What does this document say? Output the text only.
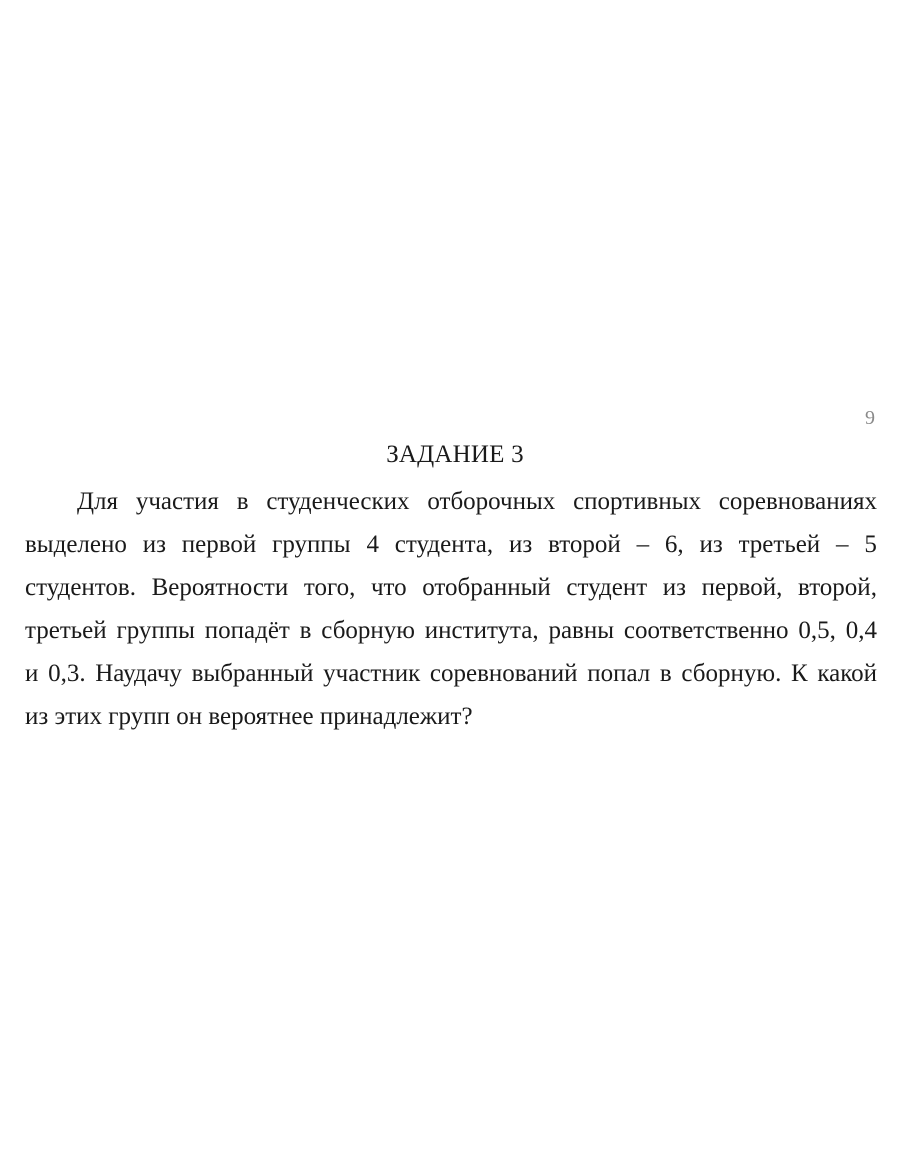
9
ЗАДАНИЕ 3
Для участия в студенческих отборочных спортивных соревнованиях
выделено из первой группы 4 студента, из второй – 6, из третьей – 5
студентов. Вероятности того, что отобранный студент из первой, второй,
третьей группы попадёт в сборную института, равны соответственно 0,5, 0,4
и 0,3. Наудачу выбранный участник соревнований попал в сборную. К какой
из этих групп он вероятнее принадлежит?
